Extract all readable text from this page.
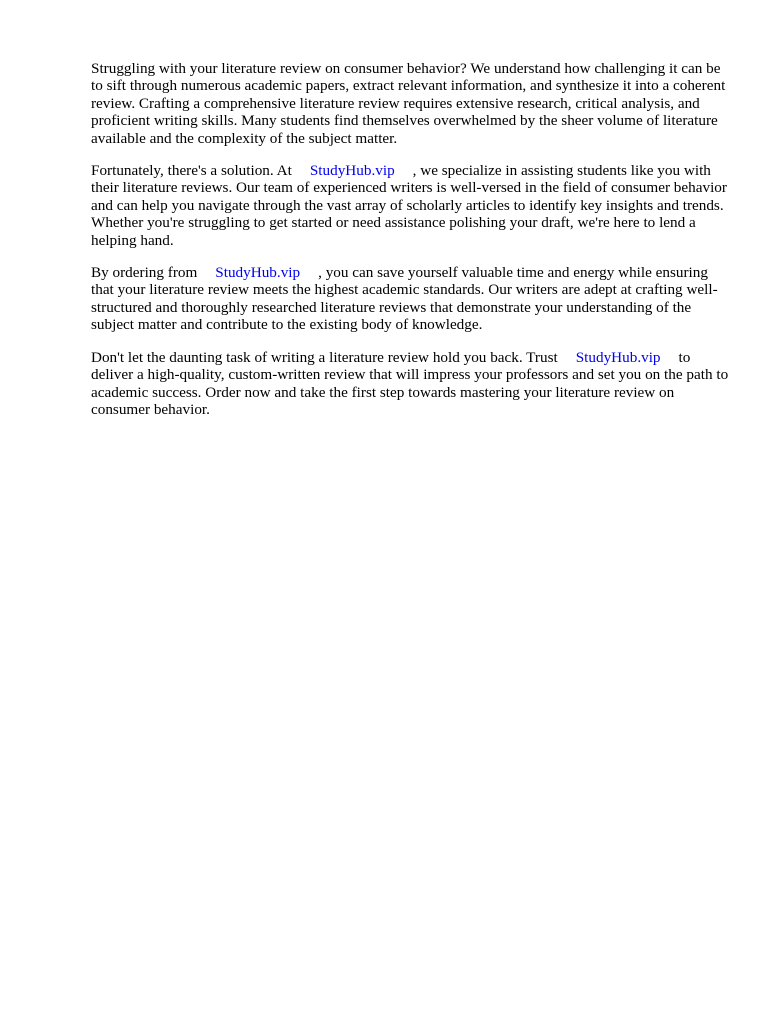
Struggling with your literature review on consumer behavior? We understand how challenging it can be to sift through numerous academic papers, extract relevant information, and synthesize it into a coherent review. Crafting a comprehensive literature review requires extensive research, critical analysis, and proficient writing skills. Many students find themselves overwhelmed by the sheer volume of literature available and the complexity of the subject matter.

Fortunately, there's a solution. At StudyHub.vip , we specialize in assisting students like you with their literature reviews. Our team of experienced writers is well-versed in the field of consumer behavior and can help you navigate through the vast array of scholarly articles to identify key insights and trends. Whether you're struggling to get started or need assistance polishing your draft, we're here to lend a helping hand.

By ordering from StudyHub.vip , you can save yourself valuable time and energy while ensuring that your literature review meets the highest academic standards. Our writers are adept at crafting well-structured and thoroughly researched literature reviews that demonstrate your understanding of the subject matter and contribute to the existing body of knowledge.

Don't let the daunting task of writing a literature review hold you back. Trust StudyHub.vip to deliver a high-quality, custom-written review that will impress your professors and set you on the path to academic success. Order now and take the first step towards mastering your literature review on consumer behavior.
